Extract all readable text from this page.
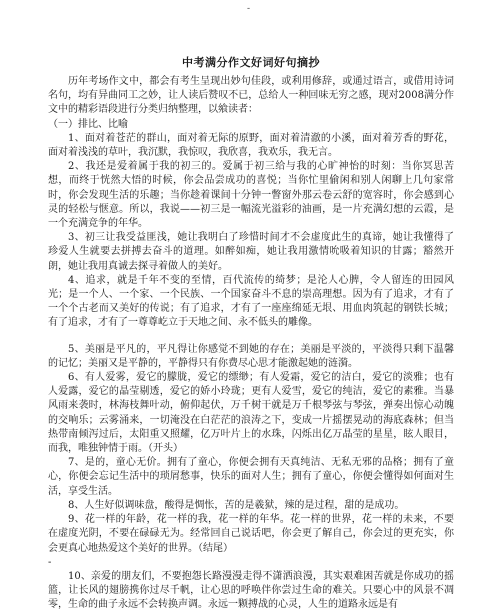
-
中考满分作文好词好句摘抄

历年考场作文中，都会有考生呈现出妙句佳段，或利用修辞，或通过语言，或借用诗词名句，均有异曲同工之妙，让人读后赞叹不已，总给人一种回味无穷之感，现对2008满分作文中的精彩语段进行分类归纳整理，以飨读者：

（一）排比、比喻

1、面对着苍茫的群山，面对着无际的原野，面对着清澈的小溪，面对着芳香的野花，面对着浅浅的草叶，我沉默，我惊叹，我欣喜，我欢乐，我无言。

2、我还是爱着属于我的初三的。爱属于初三给与我的心旷神怡的时刻：当你冥思苦想，而终于恍然大悟的时候，你会品尝成功的喜悦；当你忙里偷闲和别人闲聊上几句家常时，你会发现生活的乐趣；当你趁着课间十分钟一瞥窗外那云卷云舒的宽容时，你会感到心灵的轻松与惬意。所以，我说——初三是一幅流光溢彩的油画，是一片充满幻想的云霞，是一个充满竞争的年华。

3、初三让我受益匪浅，她让我明白了珍惜时间才不会虚度此生的真谛，她让我懂得了珍爱人生就要去拼搏去奋斗的道理。如醉如痴，她让我用激情吮吸着知识的甘露；豁然开朗，她让我用真诚去探寻着做人的美好。

4、追求，就是千年不变的至情，百代流传的绮梦；是沦人心脾，令人留连的田园风光；是一个人、一个家、一个民族、一个国家奋斗不息的崇高理想。因为有了追求，才有了一个个古老而又美好的传说；有了追求，才有了一座座绵延无垠、用血肉筑起的钢铁长城；有了追求，才有了一尊尊屹立于天地之间、永不低头的雕像。

5、美丽是平凡的，平凡得让你感觉不到她的存在；美丽是平淡的，平淡得只剩下温馨的记忆；美丽又是平静的，平静得只有你费尽心思才能激起她的涟漪。

6、有人爱雾，爱它的朦胧，爱它的缥缈；有人爱霜，爱它的洁白，爱它的淡雅；也有人爱露，爱它的晶莹剔透，爱它的娇小玲珑；更有人爱雪，爱它的纯洁，爱它的素雅。当暴风雨来袭时，林海枝舞叶动，俯仰起伏，万千树干就是万千根琴弦与琴弦，弹奏出惊心动魄的交响乐；云雾涌来，一切淹没在白茫茫的浪涛之下，变成一片摇摆晃动的海底森林；但当热带南倾泻过后，太阳重又照耀，亿万叶片上的水珠，闪烁出亿万晶莹的星星，眩人眼目，而我，唯独钟情于雨。（开头）

7、是的，童心无价。拥有了童心，你便会拥有天真纯洁、无私无邪的品格；拥有了童心，你便会忘记生活中的琐屑愁事，快乐的面对人生；拥有了童心，你便会懂得如何面对生活，享受生活。

8、人生好似调味盘，酸得是惆怅，苦的是羲狱，辣的是过程，甜的是成功。

9、花一样的年龄，花一样的我，花一样的年华。花一样的世界，花一样的未来，不要在虚度光阴，不要在碌碌无为。经常回自己说话吧，你会更了解自己，你会过的更充实，你会更真心地热爱这个美好的世界。（结尾）

-

10、亲爱的朋友们，不要抱怨长路漫漫走得不潇洒浪漫，其实艰难困苦就是你成功的摇篮，让长风的翅膀携你过尽千帆，让心思的呼唤伴你尝过生命的难关。只要心中的风景不凋零，生命的曲子永远不会转换声调。永远一颗搏战的心灵，人生的道路永远是有
